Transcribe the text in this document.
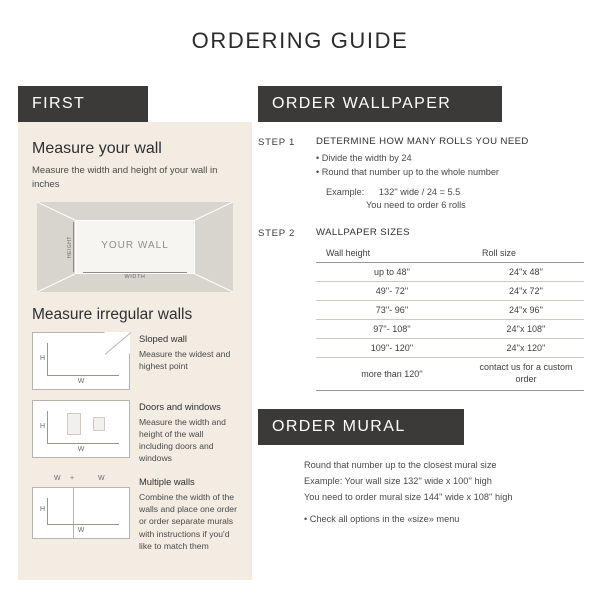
ORDERING GUIDE
FIRST
Measure your wall
Measure the width and height of your wall in inches
YOUR WALL
HEIGHT
WIDTH
Measure irregular walls
H
W
Sloped wall
Measure the widest and highest point
H
W
Doors and windows
Measure the width and height of the wall including doors and windows
W +	W
H
W
Multiple walls
Combine the width of the walls and place one order or order separate murals with instructions if you'd like to match them
ORDER WALLPAPER
STEP 1	DETERMINE HOW MANY ROLLS YOU NEED
• Divide the width by 24
• Round that number up to the whole number
Example: 132'' wide / 24 = 5.5
You need to order 6 rolls
STEP 2	WALLPAPER SIZES
Wall height	Roll size
up to 48''	24''x 48''
49''- 72''	24''x 72''
73''- 96''	24''x 96''
97''- 108''	24''x 108''
109''- 120''	24''x 120''
more than 120''	contact us for a custom order
ORDER MURAL
Round that number up to the closest mural size
Example: Your wall size 132'' wide x 100'' high
You need to order mural size 144'' wide x 108'' high
• Check all options in the «size» menu
